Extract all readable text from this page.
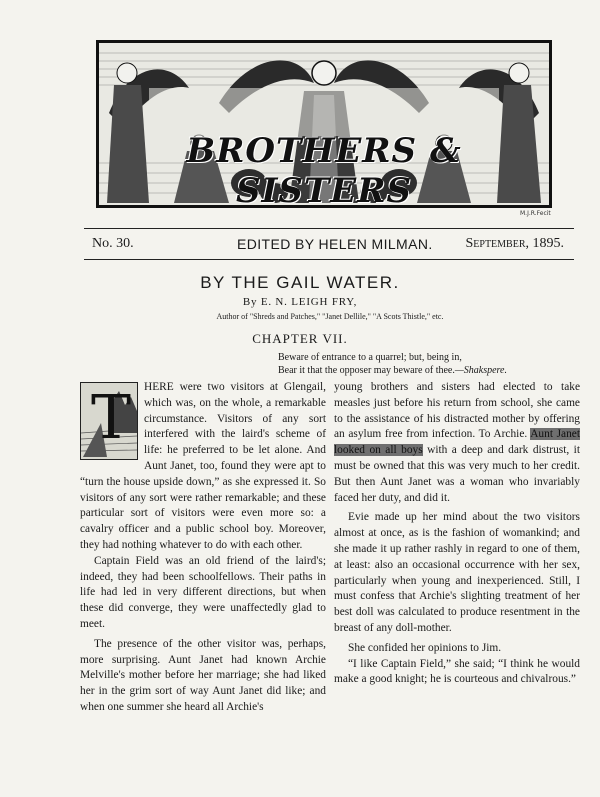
BROTHERS & SISTERS
M.J.R.Fecit
No. 30.	EDITED BY HELEN MILMAN. September, 1895.
BY THE GAIL WATER.
By E. N. LEIGH FRY,
Author of "Shreds and Patches," "Janet Dellile," "A Scots Thistle," etc.
CHAPTER VII.
Beware of entrance to a quarrel; but, being in,
Bear it that the opposer may beware of thee.—Shakspere.
T	HERE were two visitors at Glengail, which was, on the whole, a remarkable circumstance. Visitors of any sort interfered with the laird's scheme of life: he preferred to be let alone. And Aunt Janet, too, found they were apt to “turn the house upside down,” as she expressed it. So visitors of any sort were rather remarkable; and these particular sort of visitors were even more so: a cavalry officer and a public school boy. Moreover, they had nothing whatever to do with each other.

Captain Field was an old friend of the laird's; indeed, they had been schoolfellows. Their paths in life had led in very different directions, but when these did converge, they were unaffectedly glad to meet.

The presence of the other visitor was, perhaps, more surprising. Aunt Janet had known Archie Melville's mother before her marriage; she had liked her in the grim sort of way Aunt Janet did like; and when one summer she heard all Archie's

young brothers and sisters had elected to take measles just before his return from school, she came to the assistance of his distracted mother by offering an asylum free from infection. To Archie. Aunt Janet looked on all boys with a deep and dark distrust, it must be owned that this was very much to her credit. But then Aunt Janet was a woman who invariably faced her duty, and did it.

Evie made up her mind about the two visitors almost at once, as is the fashion of womankind; and she made it up rather rashly in regard to one of them, at least: also an occasional occurrence with her sex, particularly when young and inexperienced. Still, I must confess that Archie's slighting treatment of her best doll was calculated to produce resentment in the breast of any doll-mother.

She confided her opinions to Jim.

“I like Captain Field,” she said; “I think he would make a good knight; he is courteous and chivalrous.”
